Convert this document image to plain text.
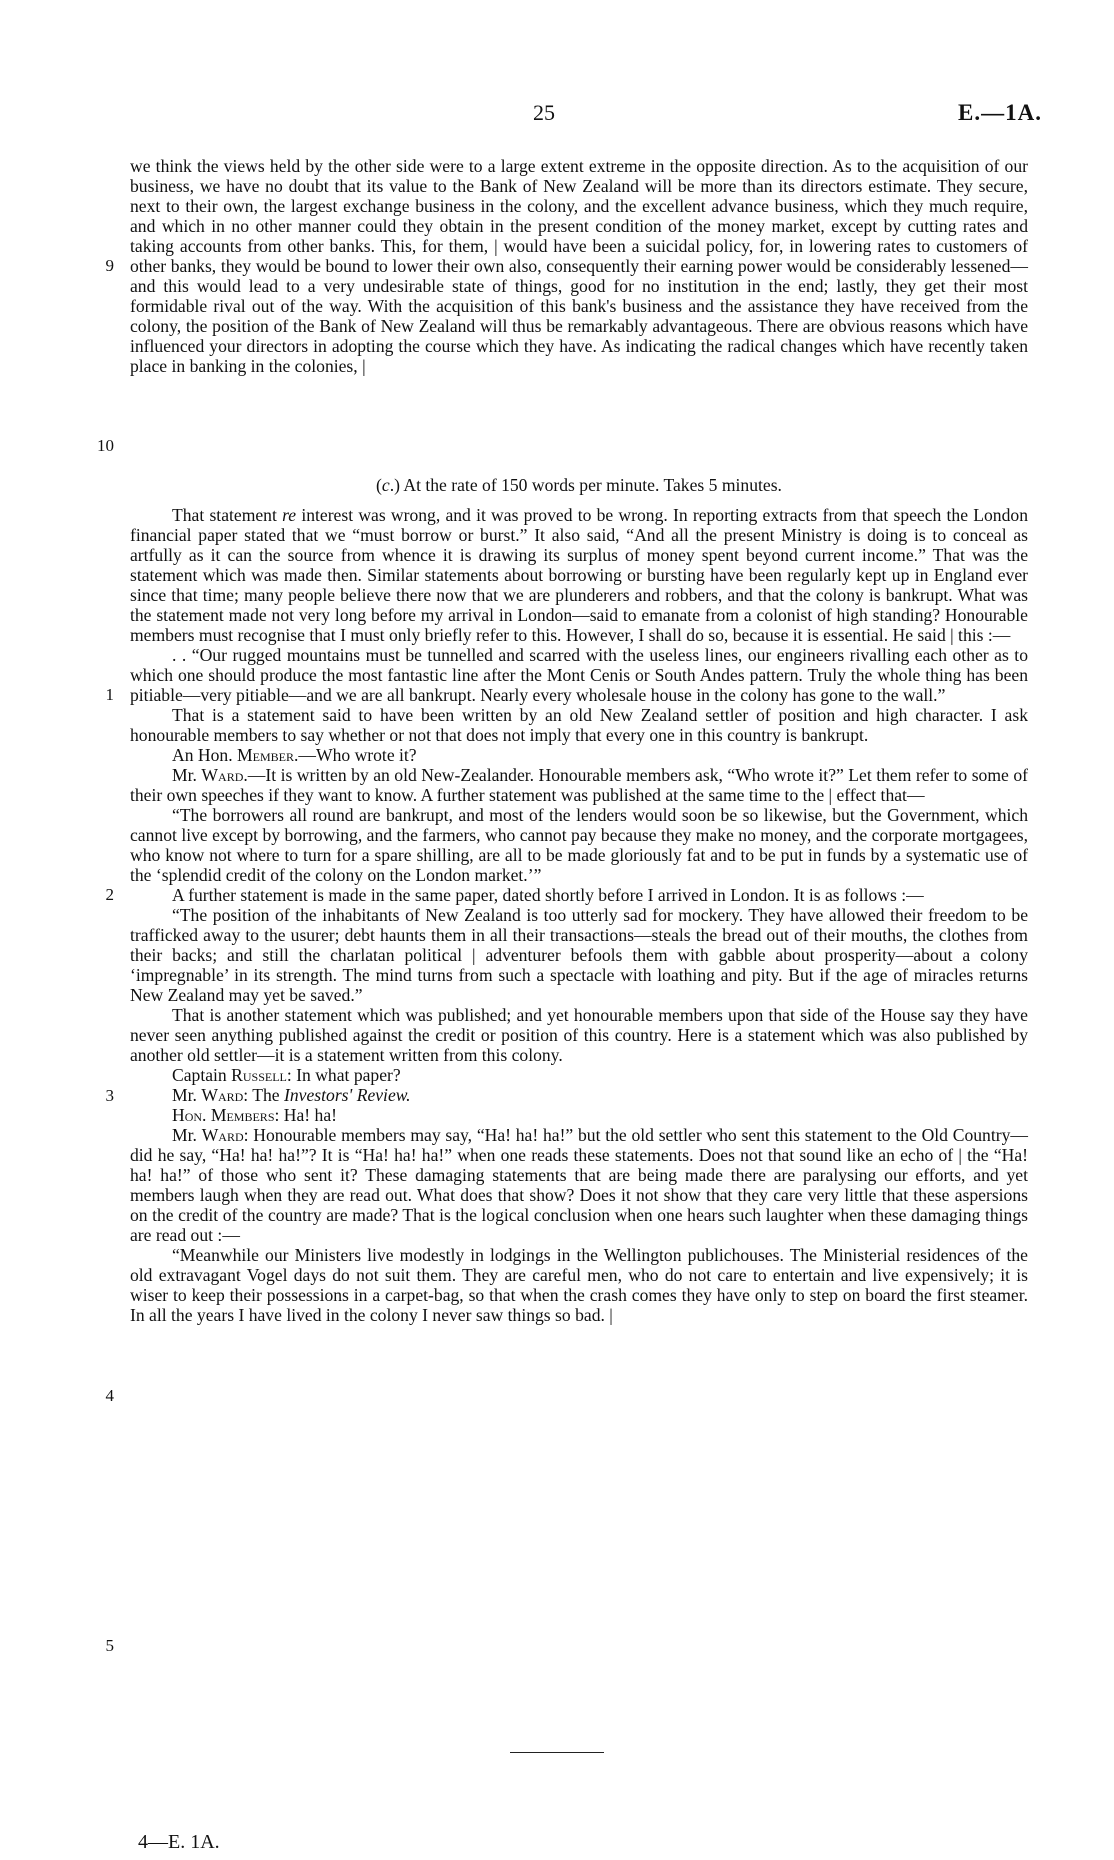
25	E.—1A.
9
10
1
2
3
4
5

we think the views held by the other side were to a large extent extreme in the opposite direction. As to the acquisition of our business, we have no doubt that its value to the Bank of New Zealand will be more than its directors estimate. They secure, next to their own, the largest exchange business in the colony, and the excellent advance business, which they much require, and which in no other manner could they obtain in the present condition of the money market, except by cutting rates and taking accounts from other banks. This, for them, | would have been a suicidal policy, for, in lowering rates to customers of other banks, they would be bound to lower their own also, consequently their earning power would be considerably lessened—and this would lead to a very undesirable state of things, good for no institution in the end; lastly, they get their most formidable rival out of the way. With the acquisition of this bank's business and the assistance they have received from the colony, the position of the Bank of New Zealand will thus be remarkably advantageous. There are obvious reasons which have influenced your directors in adopting the course which they have. As indicating the radical changes which have recently taken place in banking in the colonies, |

(c.) At the rate of 150 words per minute. Takes 5 minutes.

That statement re interest was wrong, and it was proved to be wrong. In reporting extracts from that speech the London financial paper stated that we “must borrow or burst.” It also said, “And all the present Ministry is doing is to conceal as artfully as it can the source from whence it is drawing its surplus of money spent beyond current income.” That was the statement which was made then. Similar statements about borrowing or bursting have been regularly kept up in England ever since that time; many people believe there now that we are plunderers and robbers, and that the colony is bankrupt. What was the statement made not very long before my arrival in London—said to emanate from a colonist of high standing? Honourable members must recognise that I must only briefly refer to this. However, I shall do so, because it is essential. He said | this :—

. . “Our rugged mountains must be tunnelled and scarred with the useless lines, our engineers rivalling each other as to which one should produce the most fantastic line after the Mont Cenis or South Andes pattern. Truly the whole thing has been pitiable—very pitiable—and we are all bankrupt. Nearly every wholesale house in the colony has gone to the wall.”

That is a statement said to have been written by an old New Zealand settler of position and high character. I ask honourable members to say whether or not that does not imply that every one in this country is bankrupt.

An Hon. Member.—Who wrote it?

Mr. Ward.—It is written by an old New-Zealander. Honourable members ask, “Who wrote it?” Let them refer to some of their own speeches if they want to know. A further statement was published at the same time to the | effect that—

“The borrowers all round are bankrupt, and most of the lenders would soon be so likewise, but the Government, which cannot live except by borrowing, and the farmers, who cannot pay because they make no money, and the corporate mortgagees, who know not where to turn for a spare shilling, are all to be made gloriously fat and to be put in funds by a systematic use of the ‘splendid credit of the colony on the London market.’”

A further statement is made in the same paper, dated shortly before I arrived in London. It is as follows :—

“The position of the inhabitants of New Zealand is too utterly sad for mockery. They have allowed their freedom to be trafficked away to the usurer; debt haunts them in all their transactions—steals the bread out of their mouths, the clothes from their backs; and still the charlatan political | adventurer befools them with gabble about prosperity—about a colony ‘impregnable’ in its strength. The mind turns from such a spectacle with loathing and pity. But if the age of miracles returns New Zealand may yet be saved.”

That is another statement which was published; and yet honourable members upon that side of the House say they have never seen anything published against the credit or position of this country. Here is a statement which was also published by another old settler—it is a statement written from this colony.

Captain Russell: In what paper?

Mr. Ward: The Investors' Review.

Hon. Members: Ha! ha!

Mr. Ward: Honourable members may say, “Ha! ha! ha!” but the old settler who sent this statement to the Old Country—did he say, “Ha! ha! ha!”? It is “Ha! ha! ha!” when one reads these statements. Does not that sound like an echo of | the “Ha! ha! ha!” of those who sent it? These damaging statements that are being made there are paralysing our efforts, and yet members laugh when they are read out. What does that show? Does it not show that they care very little that these aspersions on the credit of the country are made? That is the logical conclusion when one hears such laughter when these damaging things are read out :—

“Meanwhile our Ministers live modestly in lodgings in the Wellington publichouses. The Ministerial residences of the old extravagant Vogel days do not suit them. They are careful men, who do not care to entertain and live expensively; it is wiser to keep their possessions in a carpet-bag, so that when the crash comes they have only to step on board the first steamer. In all the years I have lived in the colony I never saw things so bad. |

4—E. 1A.
